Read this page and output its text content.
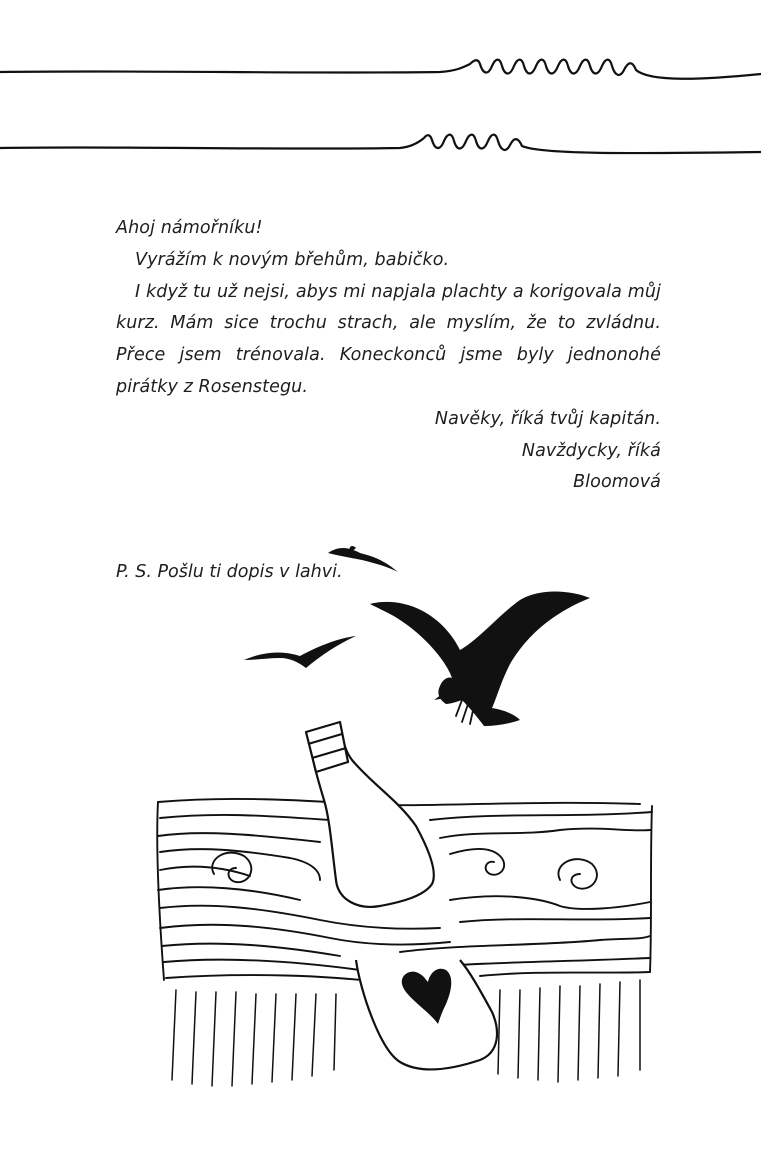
Ahoj námořníku!

Vyrážím k novým břehům, babičko.

I když tu už nejsi, abys mi napjala plachty a korigovala můj kurz. Mám sice trochu strach, ale myslím, že to zvládnu. Přece jsem trénovala. Koneckonců jsme byly jednonohé pirátky z Rosenstegu.

Navěky, říká tvůj kapitán.

Navždycky, říká

Bloomová

P. S. Pošlu ti dopis v lahvi.
